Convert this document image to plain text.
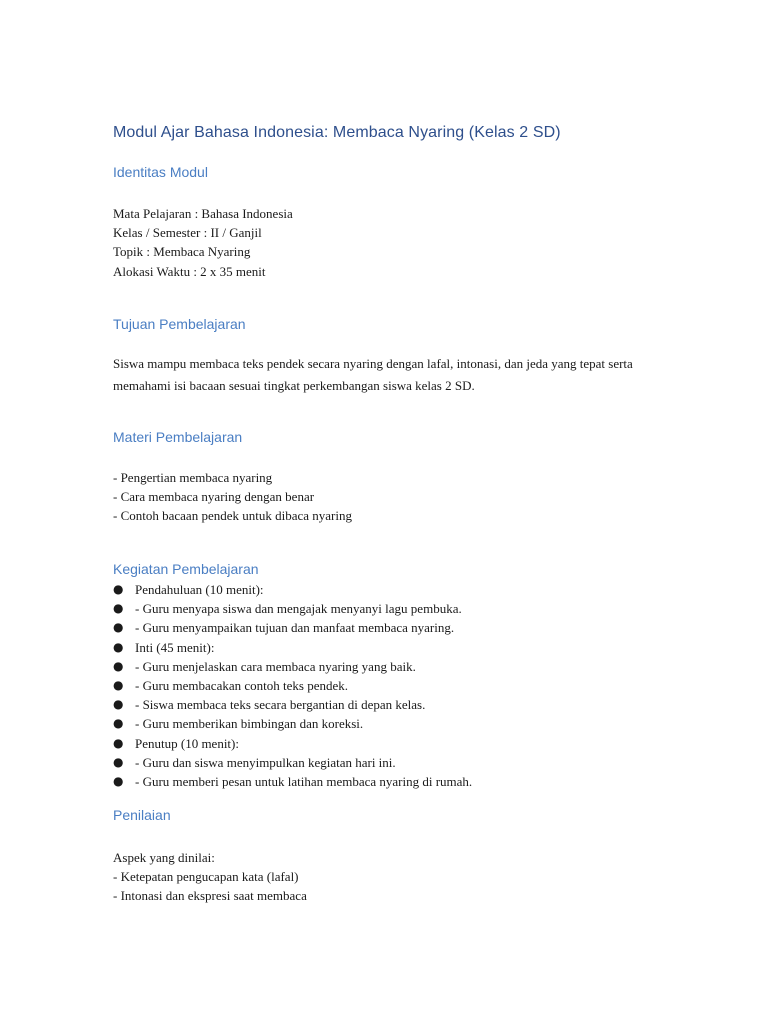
Modul Ajar Bahasa Indonesia: Membaca Nyaring (Kelas 2 SD)
Identitas Modul
Mata Pelajaran : Bahasa Indonesia
Kelas / Semester : II / Ganjil
Topik : Membaca Nyaring
Alokasi Waktu : 2 x 35 menit
Tujuan Pembelajaran

Siswa mampu membaca teks pendek secara nyaring dengan lafal, intonasi, dan jeda yang tepat serta memahami isi bacaan sesuai tingkat perkembangan siswa kelas 2 SD.

Materi Pembelajaran
- Pengertian membaca nyaring
- Cara membaca nyaring dengan benar
- Contoh bacaan pendek untuk dibaca nyaring
Kegiatan Pembelajaran
● Pendahuluan (10 menit):
● - Guru menyapa siswa dan mengajak menyanyi lagu pembuka.
● - Guru menyampaikan tujuan dan manfaat membaca nyaring.
● Inti (45 menit):
● - Guru menjelaskan cara membaca nyaring yang baik.
● - Guru membacakan contoh teks pendek.
● - Siswa membaca teks secara bergantian di depan kelas.
● - Guru memberikan bimbingan dan koreksi.
● Penutup (10 menit):
● - Guru dan siswa menyimpulkan kegiatan hari ini.
● - Guru memberi pesan untuk latihan membaca nyaring di rumah.
Penilaian
Aspek yang dinilai:
- Ketepatan pengucapan kata (lafal)
- Intonasi dan ekspresi saat membaca
